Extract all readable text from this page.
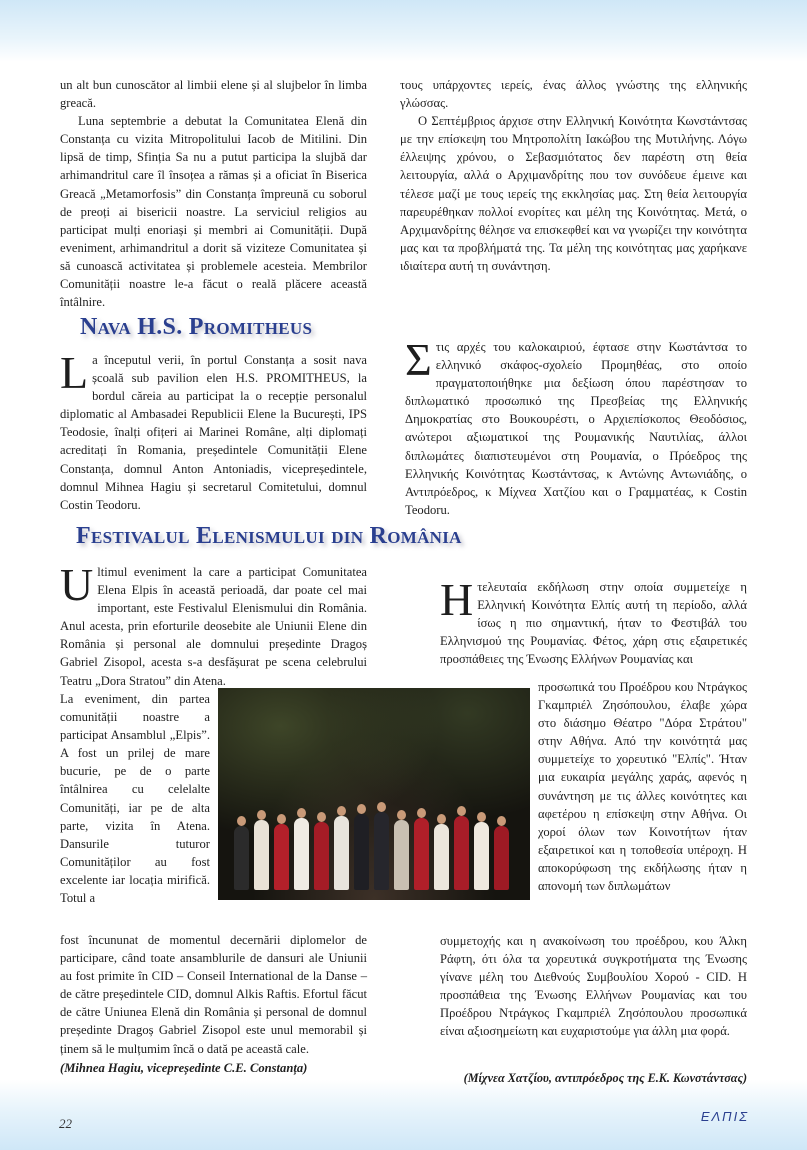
un alt bun cunoscător al limbii elene și al slujbelor în limba greacă.

Luna septembrie a debutat la Comunitatea Elenă din Constanța cu vizita Mitropolitului Iacob de Mitilini. Din lipsă de timp, Sfinția Sa nu a putut participa la slujbă dar arhimandritul care îl însoțea a rămas și a oficiat în Biserica Greacă „Metamorfosis” din Constanța împreună cu soborul de preoți ai bisericii noastre. La serviciul religios au participat mulți enoriași și membri ai Comunității. După eveniment, arhimandritul a dorit să viziteze Comunitatea și să cunoască activitatea și problemele acesteia. Membrilor Comunității noastre le-a făcut o reală plăcere această întâlnire.

τους υπάρχοντες ιερείς, ένας άλλος γνώστης της ελληνικής γλώσσας.

Ο Σεπτέμβριος άρχισε στην Ελληνική Κοινότητα Κωνστάντσας με την επίσκεψη του Μητροπολίτη Ιακώβου της Μυτιλήνης. Λόγω έλλειψης χρόνου, ο Σεβασμιότατος δεν παρέστη στη θεία λειτουργία, αλλά ο Αρχιμανδρίτης που τον συνόδευε έμεινε και τέλεσε μαζί με τους ιερείς της εκκλησίας μας. Στη θεία λειτουργία παρευρέθηκαν πολλοί ενορίτες και μέλη της Κοινότητας. Μετά, ο Αρχιμανδρίτης θέλησε να επισκεφθεί και να γνωρίζει την κοινότητα μας και τα προβλήματά της. Τα μέλη της κοινότητας μας χαρήκανε ιδιαίτερα αυτή τη συνάντηση.

Nava H.S. Promitheus
L a începutul verii, în portul Constanța a sosit nava școală sub pavilion elen H.S. PROMITHEUS, la bordul căreia au participat la o recepție personalul diplomatic al Ambasadei Republicii Elene la București, IPS Teodosie, înalți ofițeri ai Marinei Române, alți diplomați acreditați în Romania, președintele Comunității Elene Constanța, domnul Anton Antoniadis, vicepreședintele, domnul Mihnea Hagiu și secretarul Comitetului, domnul Costin Teodoru.
Σ τις αρχές του καλοκαιριού, έφτασε στην Κωστάντσα το ελληνικό σκάφος-σχολείο Προμηθέας, στο οποίο πραγματοποιήθηκε μια δεξίωση όπου παρέστησαν το διπλωματικό προσωπικό της Πρεσβείας της Ελληνικής Δημοκρατίας στο Βουκουρέστι, ο Αρχιεπίσκοπος Θεοδόσιος, ανώτεροι αξιωματικοί της Ρουμανικής Ναυτιλίας, άλλοι διπλωμάτες διαπιστευμένοι στη Ρουμανία, ο Πρόεδρος της Ελληνικής Κοινότητας Κωστάντσας, κ Αντώνης Αντωνιάδης, ο Αντιπρόεδρος, κ Μίχνεα Χατζίου και ο Γραμματέας, κ Costin Teodoru.
Festivalul Elenismului din România
U ltimul eveniment la care a participat Comunitatea Elena Elpis în această perioadă, dar poate cel mai important, este Festivalul Elenismului din România. Anul acesta, prin eforturile deosebite ale Uniunii Elene din România și personal ale domnului președinte Dragoș Gabriel Zisopol, acesta s-a desfășurat pe scena celebrului Teatru „Dora Stratou” din Atena.
La eveniment, din partea comunității noastre a participat Ansamblul „Elpis”. A fost un prilej de mare bucurie, pe de o parte întâlnirea cu celelalte Comunități, iar pe de alta parte, vizita în Atena. Dansurile tuturor Comunităților au fost excelente iar locația mirifică. Totul a
fost încununat de momentul decernării diplomelor de participare, când toate ansamblurile de dansuri ale Uniunii au fost primite în CID – Conseil International de la Danse – de către președintele CID, domnul Alkis Raftis. Efortul făcut de către Uniunea Elenă din România și personal de domnul președinte Dragoș Gabriel Zisopol este unul memorabil și ținem să le mulțumim încă o dată pe această cale.
(Mihnea Hagiu, vicepreședinte C.E. Constanța)
Η τελευταία εκδήλωση στην οποία συμμετείχε η Ελληνική Κοινότητα Ελπίς αυτή τη περίοδο, αλλά ίσως η πιο σημαντική, ήταν το Φεστιβάλ του Ελληνισμού της Ρουμανίας. Φέτος, χάρη στις εξαιρετικές προσπάθειες της Ένωσης Ελλήνων Ρουμανίας και
προσωπικά του Προέδρου κου Ντράγκος Γκαμπριέλ Ζησόπουλου, έλαβε χώρα στο διάσημο Θέατρο "Δόρα Στράτου" στην Αθήνα. Από την κοινότητά μας συμμετείχε το χορευτικό "Ελπίς". Ήταν μια ευκαιρία μεγάλης χαράς, αφενός η συνάντηση με τις άλλες κοινότητες και αφετέρου η επίσκεψη στην Αθήνα. Οι χοροί όλων των Κοινοτήτων ήταν εξαιρετικοί και η τοποθεσία υπέροχη. Η αποκορύφωση της εκδήλωσης ήταν η απονομή των διπλωμάτων
συμμετοχής και η ανακοίνωση του προέδρου, κου Άλκη Ράφτη, ότι όλα τα χορευτικά συγκροτήματα της Ένωσης γίνανε μέλη του Διεθνούς Συμβουλίου Χορού - CID. Η προσπάθεια της Ένωσης Ελλήνων Ρουμανίας και του Προέδρου Ντράγκος Γκαμπριέλ Ζησόπουλου προσωπικά είναι αξιοσημείωτη και ευχαριστούμε για άλλη μια φορά.
(Μίχνεα Χατζίου, αντιπρόεδρος της Ε.Κ. Κωνστάντσας)
22	ΕΛΠΙΣ
